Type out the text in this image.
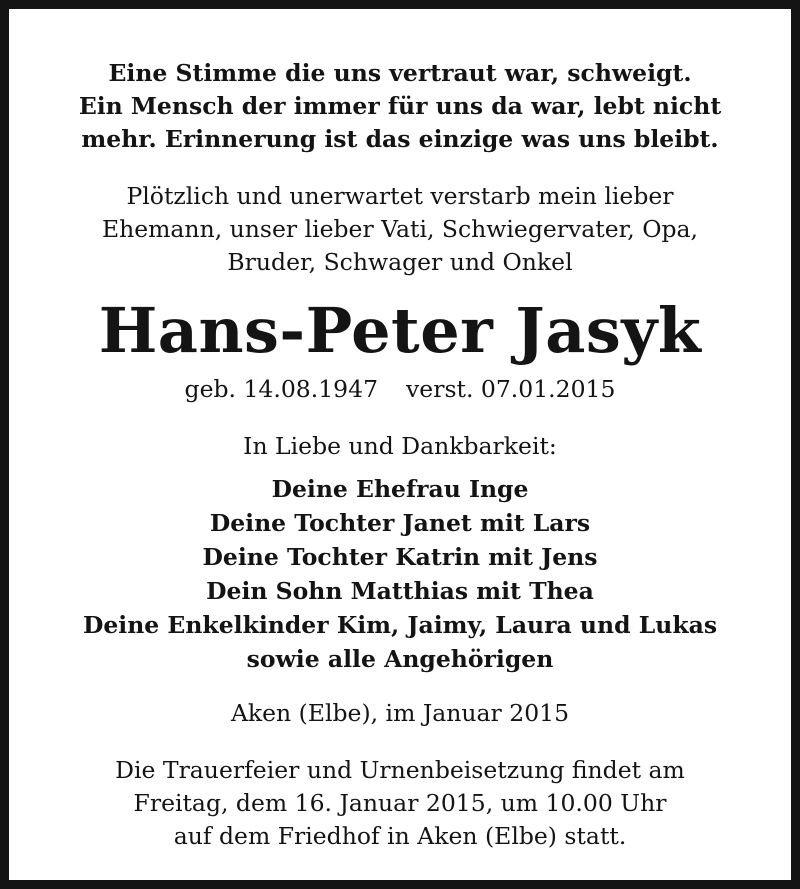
Eine Stimme die uns vertraut war, schweigt.
Ein Mensch der immer für uns da war, lebt nicht
mehr. Erinnerung ist das einzige was uns bleibt.
Plötzlich und unerwartet verstarb mein lieber
Ehemann, unser lieber Vati, Schwiegervater, Opa,
Bruder, Schwager und Onkel
Hans-Peter Jasyk
geb. 14.08.1947 verst. 07.01.2015
In Liebe und Dankbarkeit:
Deine Ehefrau Inge
Deine Tochter Janet mit Lars
Deine Tochter Katrin mit Jens
Dein Sohn Matthias mit Thea
Deine Enkelkinder Kim, Jaimy, Laura und Lukas
sowie alle Angehörigen
Aken (Elbe), im Januar 2015
Die Trauerfeier und Urnenbeisetzung findet am
Freitag, dem 16. Januar 2015, um 10.00 Uhr
auf dem Friedhof in Aken (Elbe) statt.
